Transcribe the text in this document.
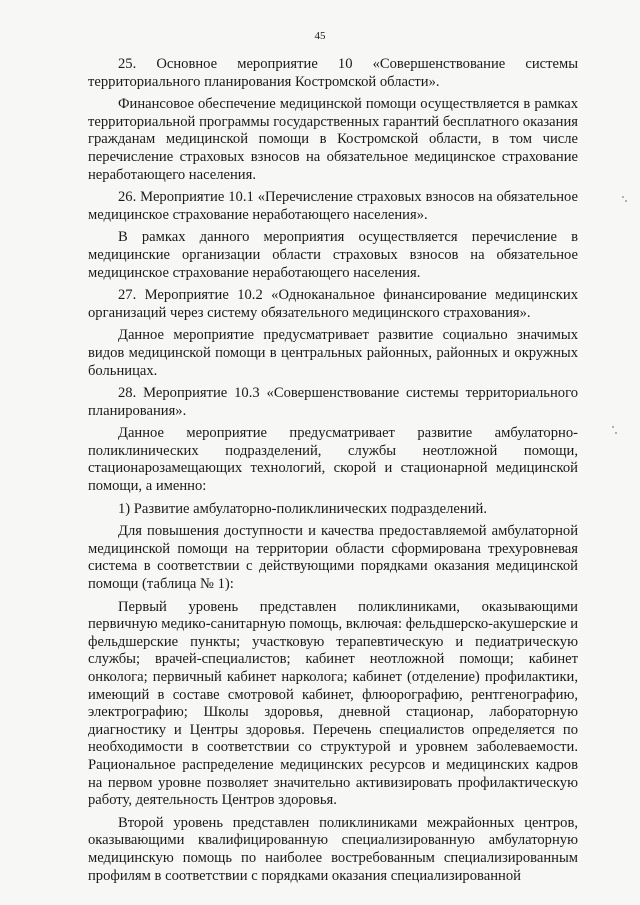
45

25. Основное мероприятие 10 «Совершенствование системы территориального планирования Костромской области».

Финансовое обеспечение медицинской помощи осуществляется в рамках территориальной программы государственных гарантий бесплатного оказания гражданам медицинской помощи в Костромской области, в том числе перечисление страховых взносов на обязательное медицинское страхование неработающего населения.

26. Мероприятие 10.1 «Перечисление страховых взносов на обязательное медицинское страхование неработающего населения».

В рамках данного мероприятия осуществляется перечисление в медицинские организации области страховых взносов на обязательное медицинское страхование неработающего населения.

27. Мероприятие 10.2 «Одноканальное финансирование медицинских организаций через систему обязательного медицинского страхования».

Данное мероприятие предусматривает развитие социально значимых видов медицинской помощи в центральных районных, районных и окружных больницах.

28. Мероприятие 10.3 «Совершенствование системы территориального планирования».

Данное мероприятие предусматривает развитие амбулаторно-поликлинических подразделений, службы неотложной помощи, стационарозамещающих технологий, скорой и стационарной медицинской помощи, а именно:

1) Развитие амбулаторно-поликлинических подразделений.

Для повышения доступности и качества предоставляемой амбулаторной медицинской помощи на территории области сформирована трехуровневая система в соответствии с действующими порядками оказания медицинской помощи (таблица № 1):

Первый уровень представлен поликлиниками, оказывающими первичную медико-санитарную помощь, включая: фельдшерско-акушерские и фельдшерские пункты; участковую терапевтическую и педиатрическую службы; врачей-специалистов; кабинет неотложной помощи; кабинет онколога; первичный кабинет нарколога; кабинет (отделение) профилактики, имеющий в составе смотровой кабинет, флюорографию, рентгенографию, электрографию; Школы здоровья, дневной стационар, лабораторную диагностику и Центры здоровья. Перечень специалистов определяется по необходимости в соответствии со структурой и уровнем заболеваемости. Рациональное распределение медицинских ресурсов и медицинских кадров на первом уровне позволяет значительно активизировать профилактическую работу, деятельность Центров здоровья.

Второй уровень представлен поликлиниками межрайонных центров, оказывающими квалифицированную специализированную амбулаторную медицинскую помощь по наиболее востребованным специализированным профилям в соответствии с порядками оказания специализированной
